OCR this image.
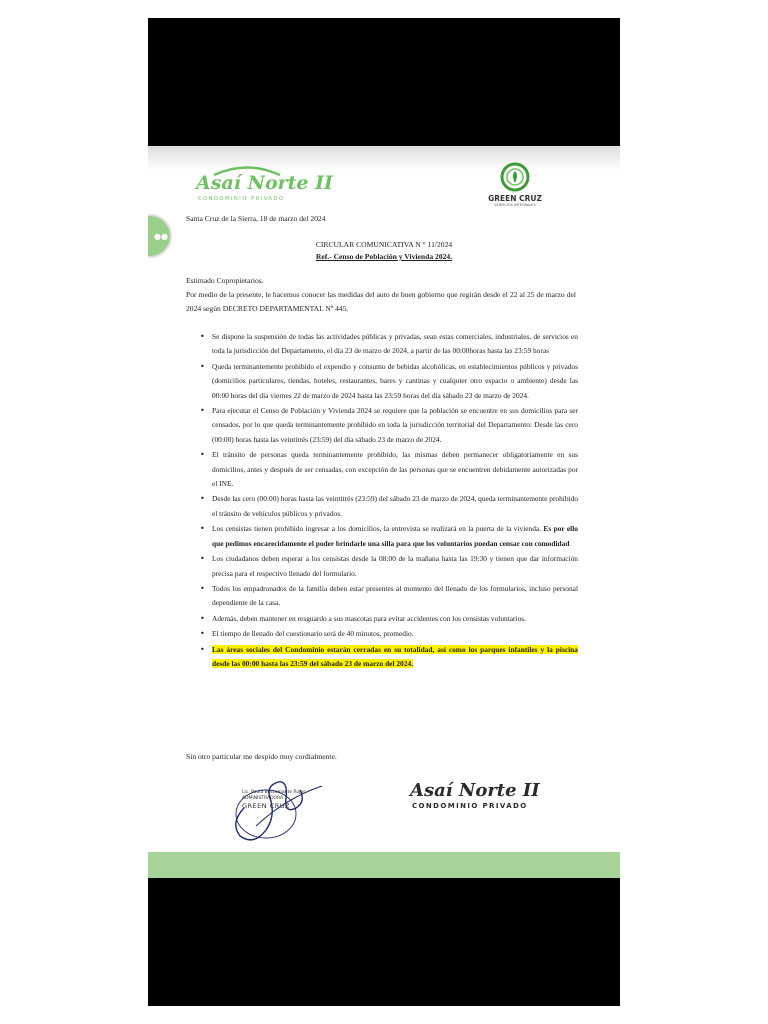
●●
Asaí Norte II
CONDOMINIO PRIVADO	GREEN CRUZ
SERVICIOS INTEGRALES
Santa Cruz de la Sierra, 18 de marzo del 2024
CIRCULAR COMUNICATIVA N ° 11/2024
Ref.- Censo de Población y Vivienda 2024.
Estimado Copropietarios.
Por medio de la presente, le hacemos conocer las medidas del auto de buen gobierno que regirán desde el 22 al 25 de marzo del 2024 según DECRETO DEPARTAMENTAL Nº 445.
• Se dispone la suspensión de todas las actividades públicas y privadas, sean estas comerciales, industriales, de servicios en toda la jurisdicción del Departamento, el día 23 de marzo de 2024, a partir de las 00:00horas hasta las 23:59 horas
• Queda terminantemente prohibido el expendio y consumo de bebidas alcohólicas, en establecimientos públicos y privados (domicilios particulares, tiendas, hoteles, restaurantes, bares y cantinas y cualquier otro espacio o ambiente) desde las 00:00 horas del día viernes 22 de marzo de 2024 hasta las 23:59 horas del día sábado 23 de marzo de 2024.
• Para ejecutar el Censo de Población y Vivienda 2024 se requiere que la población se encuentre en sus domicilios para ser censados, por lo que queda terminantemente prohibido en toda la jurisdicción territorial del Departamento: Desde las cero (00:00) horas hasta las veintitrés (23:59) del día sábado 23 de marzo de 2024.
• El tránsito de personas queda terminantemente prohibido, las mismas deben permanecer obligatoriamente en sus domicilios, antes y después de ser censadas, con excepción de las personas que se encuentren debidamente autorizadas por el INE.
• Desde las cero (00:00) horas hasta las veintitrés (23:59) del sábado 23 de marzo de 2024, queda terminantemente prohibido el tránsito de vehículos públicos y privados.
• Los censistas tienen prohibido ingresar a los domicilios, la entrevista se realizará en la puerta de la vivienda. Es por ello que pedimos encarecidamente el poder brindarle una silla para que los voluntarios puedan censar con comodidad
• Los ciudadanos deben esperar a los censistas desde la 08:00 de la mañana hasta las 19:30 y tienen que dar información precisa para el respectivo llenado del formulario.
• Todos los empadronados de la familia deben estar presentes al momento del llenado de los formularios, incluso personal dependiente de la casa.
• Además, deben mantener en resguardo a sus mascotas para evitar accidentes con los censistas voluntarios.
• El tiempo de llenado del cuestionario será de 40 minutos, promedio.
• Las áreas sociales del Condominio estarán cerradas en su totalidad, así como los parques infantiles y la piscina desde las 00:00 hasta las 23:59 del sábado 23 de marzo del 2024.
Sin otro particular me despido muy cordialmente.
Lic. Paula Bustamante Rojas
ADMINISTRADORA
GREEN CRUZ
Asaí Norte II
CONDOMINIO PRIVADO
